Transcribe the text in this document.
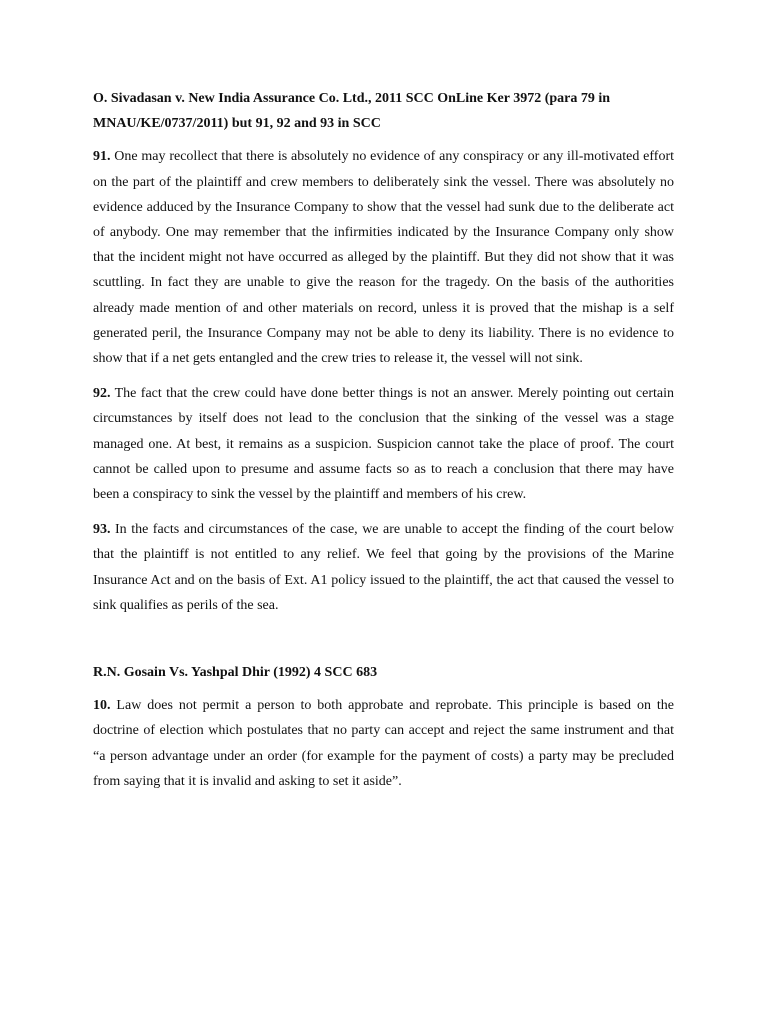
O. Sivadasan v. New India Assurance Co. Ltd., 2011 SCC OnLine Ker 3972 (para 79 in MNAU/KE/0737/2011) but 91, 92 and 93 in SCC

91. One may recollect that there is absolutely no evidence of any conspiracy or any ill-motivated effort on the part of the plaintiff and crew members to deliberately sink the vessel. There was absolutely no evidence adduced by the Insurance Company to show that the vessel had sunk due to the deliberate act of anybody. One may remember that the infirmities indicated by the Insurance Company only show that the incident might not have occurred as alleged by the plaintiff. But they did not show that it was scuttling. In fact they are unable to give the reason for the tragedy. On the basis of the authorities already made mention of and other materials on record, unless it is proved that the mishap is a self generated peril, the Insurance Company may not be able to deny its liability. There is no evidence to show that if a net gets entangled and the crew tries to release it, the vessel will not sink.

92. The fact that the crew could have done better things is not an answer. Merely pointing out certain circumstances by itself does not lead to the conclusion that the sinking of the vessel was a stage managed one. At best, it remains as a suspicion. Suspicion cannot take the place of proof. The court cannot be called upon to presume and assume facts so as to reach a conclusion that there may have been a conspiracy to sink the vessel by the plaintiff and members of his crew.

93. In the facts and circumstances of the case, we are unable to accept the finding of the court below that the plaintiff is not entitled to any relief. We feel that going by the provisions of the Marine Insurance Act and on the basis of Ext. A1 policy issued to the plaintiff, the act that caused the vessel to sink qualifies as perils of the sea.

R.N. Gosain Vs. Yashpal Dhir (1992) 4 SCC 683

10. Law does not permit a person to both approbate and reprobate. This principle is based on the doctrine of election which postulates that no party can accept and reject the same instrument and that “a person advantage under an order (for example for the payment of costs) a party may be precluded from saying that it is invalid and asking to set it aside”.
